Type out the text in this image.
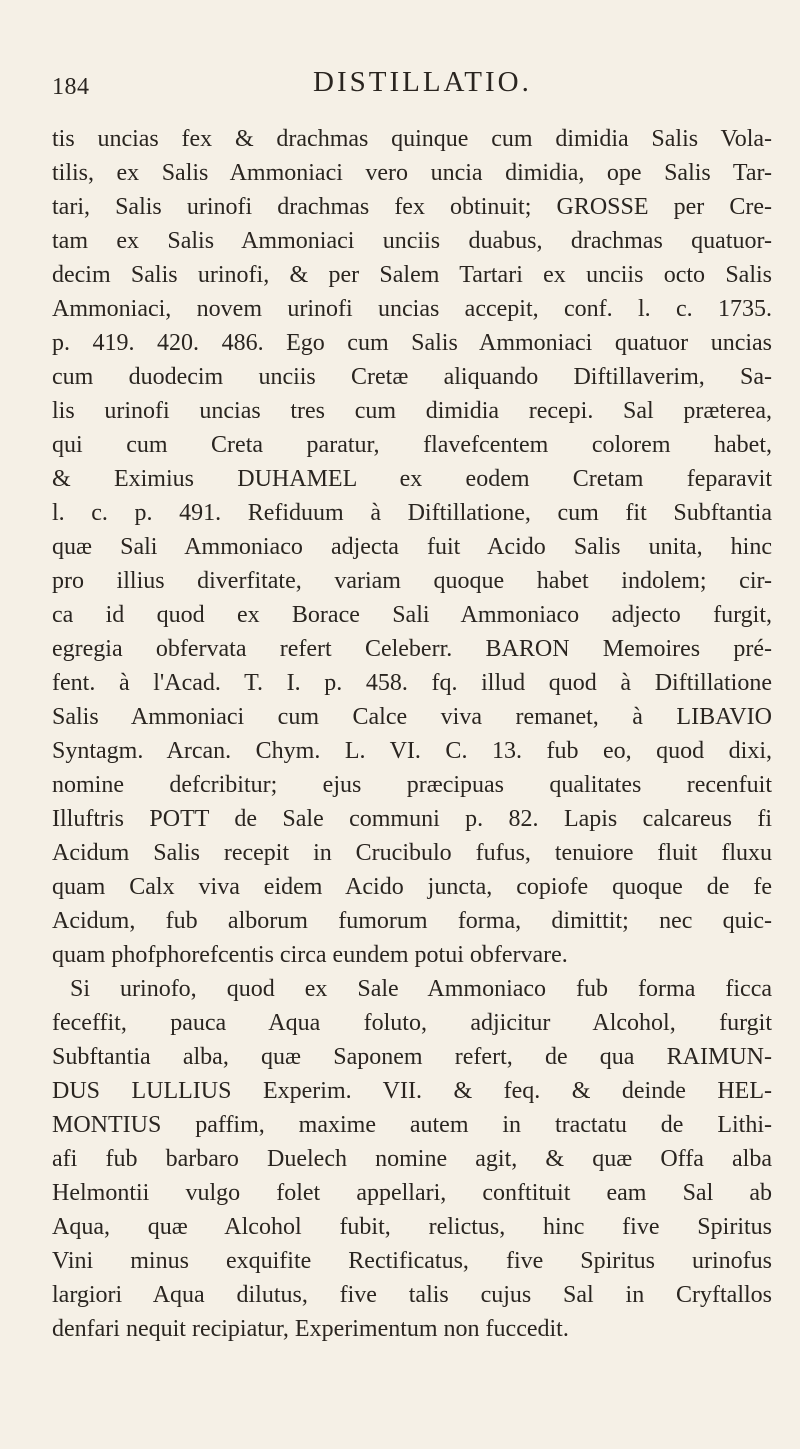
184	DISTILLATIO.
tis uncias fex & drachmas quinque cum dimidia Salis Vola-
tilis, ex Salis Ammoniaci vero uncia dimidia, ope Salis Tar-
tari, Salis urinofi drachmas fex obtinuit; GROSSE per Cre-
tam ex Salis Ammoniaci unciis duabus, drachmas quatuor-
decim Salis urinofi, & per Salem Tartari ex unciis octo Salis
Ammoniaci, novem urinofi uncias accepit, conf. l. c. 1735.
p. 419. 420. 486. Ego cum Salis Ammoniaci quatuor uncias
cum duodecim unciis Cretæ aliquando Diftillaverim, Sa-
lis urinofi uncias tres cum dimidia recepi. Sal præterea,
qui cum Creta paratur, flavefcentem colorem habet,
& Eximius DUHAMEL ex eodem Cretam feparavit
l. c. p. 491. Refiduum à Diftillatione, cum fit Subftantia
quæ Sali Ammoniaco adjecta fuit Acido Salis unita, hinc
pro illius diverfitate, variam quoque habet indolem; cir-
ca id quod ex Borace Sali Ammoniaco adjecto furgit,
egregia obfervata refert Celeberr. BARON Memoires pré-
fent. à l'Acad. T. I. p. 458. fq. illud quod à Diftillatione
Salis Ammoniaci cum Calce viva remanet, à LIBAVIO
Syntagm. Arcan. Chym. L. VI. C. 13. fub eo, quod dixi,
nomine defcribitur; ejus præcipuas qualitates recenfuit
Illuftris POTT de Sale communi p. 82. Lapis calcareus fi
Acidum Salis recepit in Crucibulo fufus, tenuiore fluit fluxu
quam Calx viva eidem Acido juncta, copiofe quoque de fe
Acidum, fub alborum fumorum forma, dimittit; nec quic-
quam phofphorefcentis circa eundem potui obfervare.
Si urinofo, quod ex Sale Ammoniaco fub forma ficca
feceffit, pauca Aqua foluto, adjicitur Alcohol, furgit
Subftantia alba, quæ Saponem refert, de qua RAIMUN-
DUS LULLIUS Experim. VII. & feq. & deinde HEL-
MONTIUS paffim, maxime autem in tractatu de Lithi-
afi fub barbaro Duelech nomine agit, & quæ Offa alba
Helmontii vulgo folet appellari, conftituit eam Sal ab
Aqua, quæ Alcohol fubit, relictus, hinc five Spiritus
Vini minus exquifite Rectificatus, five Spiritus urinofus
largiori Aqua dilutus, five talis cujus Sal in Cryftallos
denfari nequit recipiatur, Experimentum non fuccedit.
